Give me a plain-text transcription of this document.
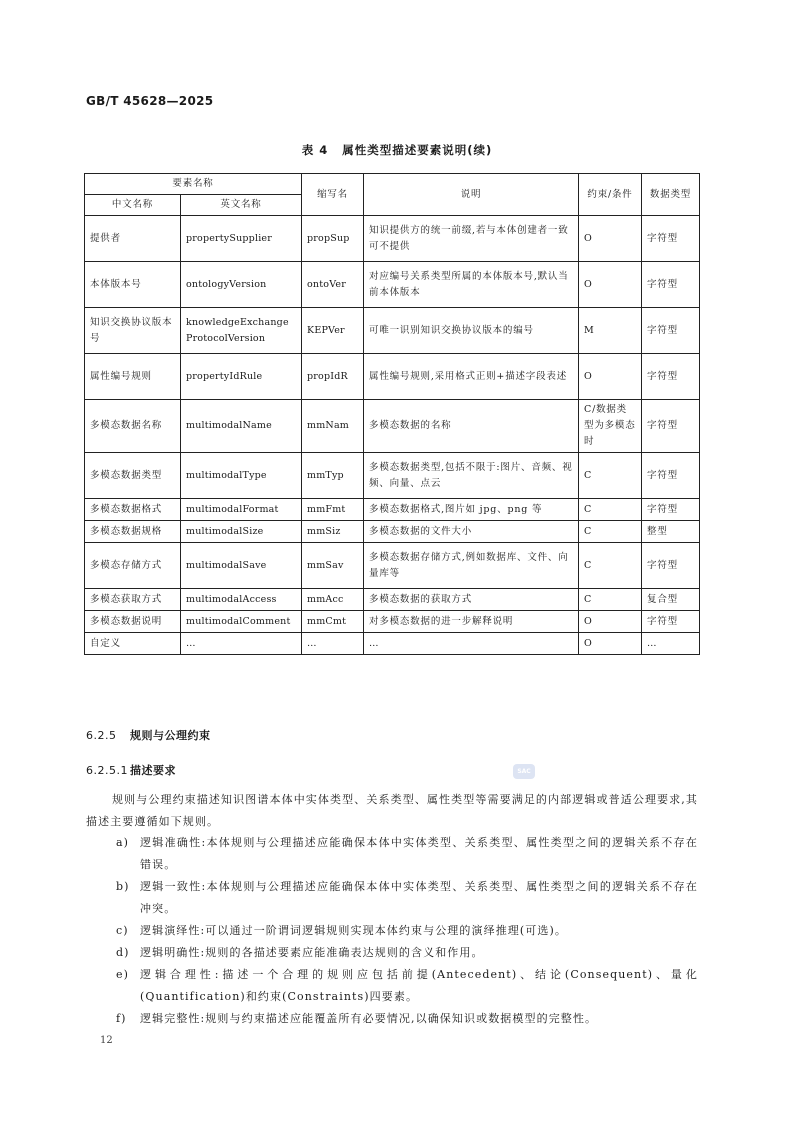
GB/T 45628—2025
表 4 属性类型描述要素说明(续)
要素名称		缩写名	说明	约束/条件	数据类型
中文名称	英文名称				
提供者	propertySupplier	propSup	知识提供方的统一前缀,若与本体创建者一致可不提供	O	字符型
本体版本号	ontologyVersion	ontoVer	对应编号关系类型所属的本体版本号,默认当前本体版本	O	字符型
知识交换协议版本号	knowledgeExchange ProtocolVersion	KEPVer	可唯一识别知识交换协议版本的编号	M	字符型
属性编号规则	propertyIdRule	propIdR	属性编号规则,采用格式正则+描述字段表述	O	字符型
多模态数据名称	multimodalName	mmNam	多模态数据的名称	C/数据类型为多模态时	字符型
多模态数据类型	multimodalType	mmTyp	多模态数据类型,包括不限于:图片、音频、视频、向量、点云	C	字符型
多模态数据格式	multimodalFormat	mmFmt	多模态数据格式,图片如 jpg、png 等	C	字符型
多模态数据规格	multimodalSize	mmSiz	多模态数据的文件大小	C	整型
多模态存储方式	multimodalSave	mmSav	多模态数据存储方式,例如数据库、文件、向量库等	C	字符型
多模态获取方式	multimodalAccess	mmAcc	多模态数据的获取方式	C	复合型
多模态数据说明	multimodalComment	mmCmt	对多模态数据的进一步解释说明	O	字符型
自定义	…	…	…	O	…
6.2.5 规则与公理约束
6.2.5.1 描述要求	SAC
规则与公理约束描述知识图谱本体中实体类型、关系类型、属性类型等需要满足的内部逻辑或普适公理要求,其描述主要遵循如下规则。
a) 逻辑准确性:本体规则与公理描述应能确保本体中实体类型、关系类型、属性类型之间的逻辑关系不存在错误。
b) 逻辑一致性:本体规则与公理描述应能确保本体中实体类型、关系类型、属性类型之间的逻辑关系不存在冲突。
c) 逻辑演绎性:可以通过一阶谓词逻辑规则实现本体约束与公理的演绎推理(可选)。
d) 逻辑明确性:规则的各描述要素应能准确表达规则的含义和作用。
e) 逻辑合理性:描述一个合理的规则应包括前提(Antecedent)、结论(Consequent)、量化(Quantification)和约束(Constraints)四要素。
f) 逻辑完整性:规则与约束描述应能覆盖所有必要情况,以确保知识或数据模型的完整性。
12
